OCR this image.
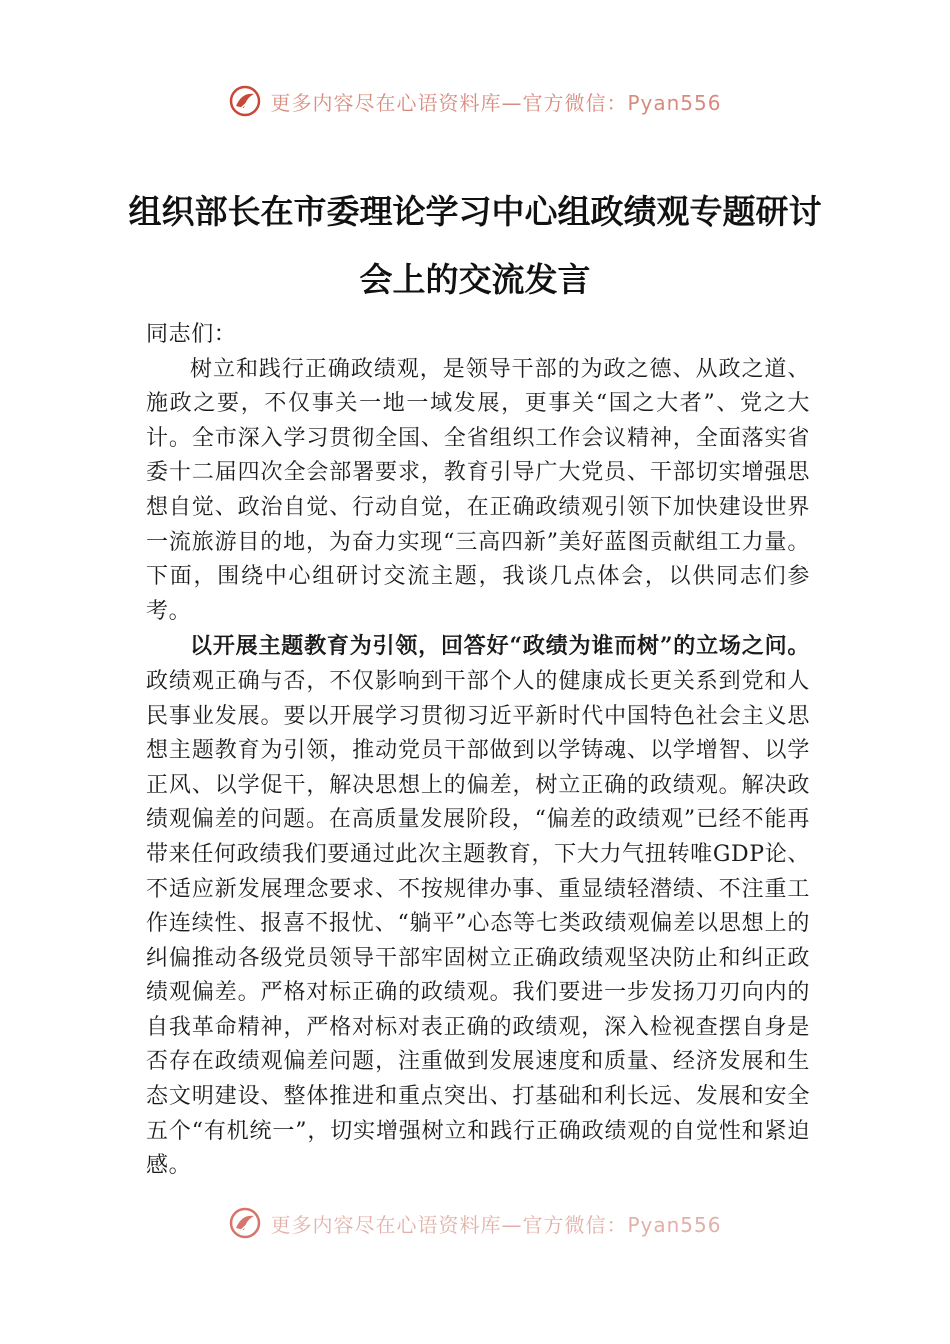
更多内容尽在心语资料库—官方微信：Pyan556
组织部长在市委理论学习中心组政绩观专题研讨会上的交流发言

同志们：

树立和践行正确政绩观，是领导干部的为政之德、从政之道、施政之要，不仅事关一地一域发展，更事关“国之大者”、党之大计。全市深入学习贯彻全国、全省组织工作会议精神，全面落实省委十二届四次全会部署要求，教育引导广大党员、干部切实增强思想自觉、政治自觉、行动自觉，在正确政绩观引领下加快建设世界一流旅游目的地，为奋力实现“三高四新”美好蓝图贡献组工力量。下面，围绕中心组研讨交流主题，我谈几点体会，以供同志们参考。

以开展主题教育为引领，回答好“政绩为谁而树”的立场之问。政绩观正确与否，不仅影响到干部个人的健康成长更关系到党和人民事业发展。要以开展学习贯彻习近平新时代中国特色社会主义思想主题教育为引领，推动党员干部做到以学铸魂、以学增智、以学正风、以学促干，解决思想上的偏差，树立正确的政绩观。解决政绩观偏差的问题。在高质量发展阶段，“偏差的政绩观”已经不能再带来任何政绩我们要通过此次主题教育，下大力气扭转唯GDP论、不适应新发展理念要求、不按规律办事、重显绩轻潜绩、不注重工作连续性、报喜不报忧、“躺平”心态等七类政绩观偏差以思想上的纠偏推动各级党员领导干部牢固树立正确政绩观坚决防止和纠正政绩观偏差。严格对标正确的政绩观。我们要进一步发扬刀刃向内的自我革命精神，严格对标对表正确的政绩观，深入检视查摆自身是否存在政绩观偏差问题，注重做到发展速度和质量、经济发展和生态文明建设、整体推进和重点突出、打基础和利长远、发展和安全五个“有机统一”，切实增强树立和践行正确政绩观的自觉性和紧迫感。

更多内容尽在心语资料库—官方微信：Pyan556
